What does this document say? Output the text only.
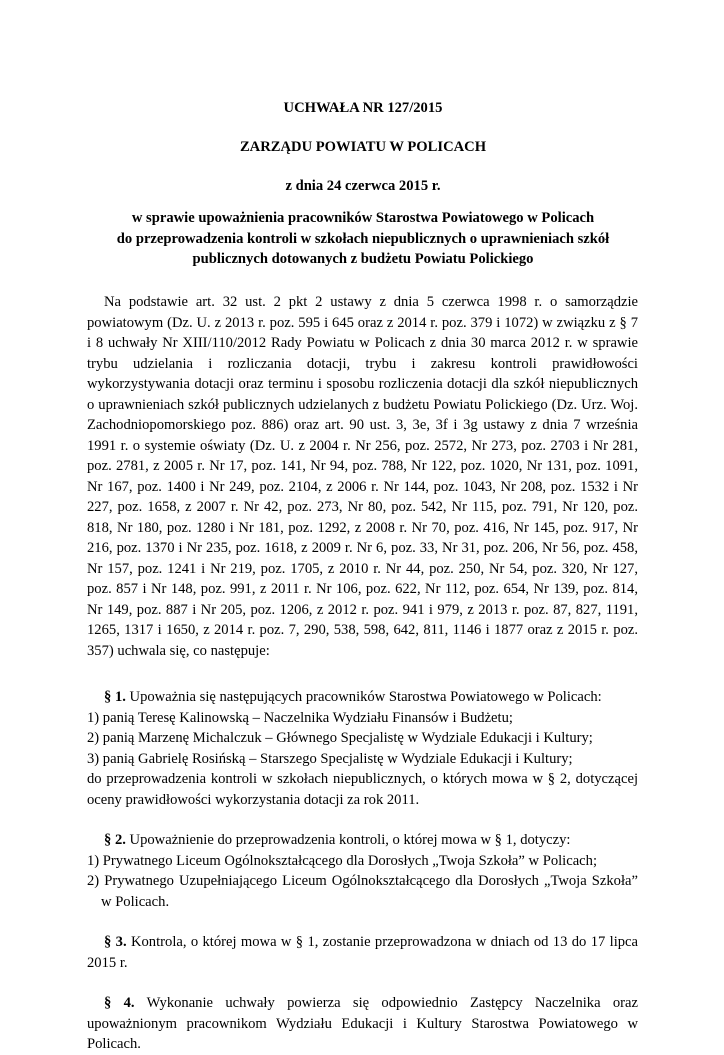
UCHWAŁA NR 127/2015
ZARZĄDU POWIATU W POLICACH
z dnia 24 czerwca 2015 r.
w sprawie upoważnienia pracowników Starostwa Powiatowego w Policach
do przeprowadzenia kontroli w szkołach niepublicznych o uprawnieniach szkół
publicznych dotowanych z budżetu Powiatu Polickiego

Na podstawie art. 32 ust. 2 pkt 2 ustawy z dnia 5 czerwca 1998 r. o samorządzie powiatowym (Dz. U. z 2013 r. poz. 595 i 645 oraz z 2014 r. poz. 379 i 1072) w związku z § 7 i 8 uchwały Nr XIII/110/2012 Rady Powiatu w Policach z dnia 30 marca 2012 r. w sprawie trybu udzielania i rozliczania dotacji, trybu i zakresu kontroli prawidłowości wykorzystywania dotacji oraz terminu i sposobu rozliczenia dotacji dla szkół niepublicznych o uprawnieniach szkół publicznych udzielanych z budżetu Powiatu Polickiego (Dz. Urz. Woj. Zachodniopomorskiego poz. 886) oraz art. 90 ust. 3, 3e, 3f i 3g ustawy z dnia 7 września 1991 r. o systemie oświaty (Dz. U. z 2004 r. Nr 256, poz. 2572, Nr 273, poz. 2703 i Nr 281, poz. 2781, z 2005 r. Nr 17, poz. 141, Nr 94, poz. 788, Nr 122, poz. 1020, Nr 131, poz. 1091, Nr 167, poz. 1400 i Nr 249, poz. 2104, z 2006 r. Nr 144, poz. 1043, Nr 208, poz. 1532 i Nr 227, poz. 1658, z 2007 r. Nr 42, poz. 273, Nr 80, poz. 542, Nr 115, poz. 791, Nr 120, poz. 818, Nr 180, poz. 1280 i Nr 181, poz. 1292, z 2008 r. Nr 70, poz. 416, Nr 145, poz. 917, Nr 216, poz. 1370 i Nr 235, poz. 1618, z 2009 r. Nr 6, poz. 33, Nr 31, poz. 206, Nr 56, poz. 458, Nr 157, poz. 1241 i Nr 219, poz. 1705, z 2010 r. Nr 44, poz. 250, Nr 54, poz. 320, Nr 127, poz. 857 i Nr 148, poz. 991, z 2011 r. Nr 106, poz. 622, Nr 112, poz. 654, Nr 139, poz. 814, Nr 149, poz. 887 i Nr 205, poz. 1206, z 2012 r. poz. 941 i 979, z 2013 r. poz. 87, 827, 1191, 1265, 1317 i 1650, z 2014 r. poz. 7, 290, 538, 598, 642, 811, 1146 i 1877 oraz z 2015 r. poz. 357) uchwala się, co następuje:

§ 1. Upoważnia się następujących pracowników Starostwa Powiatowego w Policach:

1) panią Teresę Kalinowską – Naczelnika Wydziału Finansów i Budżetu;
2) panią Marzenę Michalczuk – Głównego Specjalistę w Wydziale Edukacji i Kultury;
3) panią Gabrielę Rosińską – Starszego Specjalistę w Wydziale Edukacji i Kultury;

do przeprowadzenia kontroli w szkołach niepublicznych, o których mowa w § 2, dotyczącej oceny prawidłowości wykorzystania dotacji za rok 2011.

§ 2. Upoważnienie do przeprowadzenia kontroli, o której mowa w § 1, dotyczy:

1) Prywatnego Liceum Ogólnokształcącego dla Dorosłych „Twoja Szkoła” w Policach;
2) Prywatnego Uzupełniającego Liceum Ogólnokształcącego dla Dorosłych „Twoja Szkoła” w Policach.

§ 3. Kontrola, o której mowa w § 1, zostanie przeprowadzona w dniach od 13 do 17 lipca 2015 r.

§ 4. Wykonanie uchwały powierza się odpowiednio Zastępcy Naczelnika oraz upoważnionym pracownikom Wydziału Edukacji i Kultury Starostwa Powiatowego w Policach.
